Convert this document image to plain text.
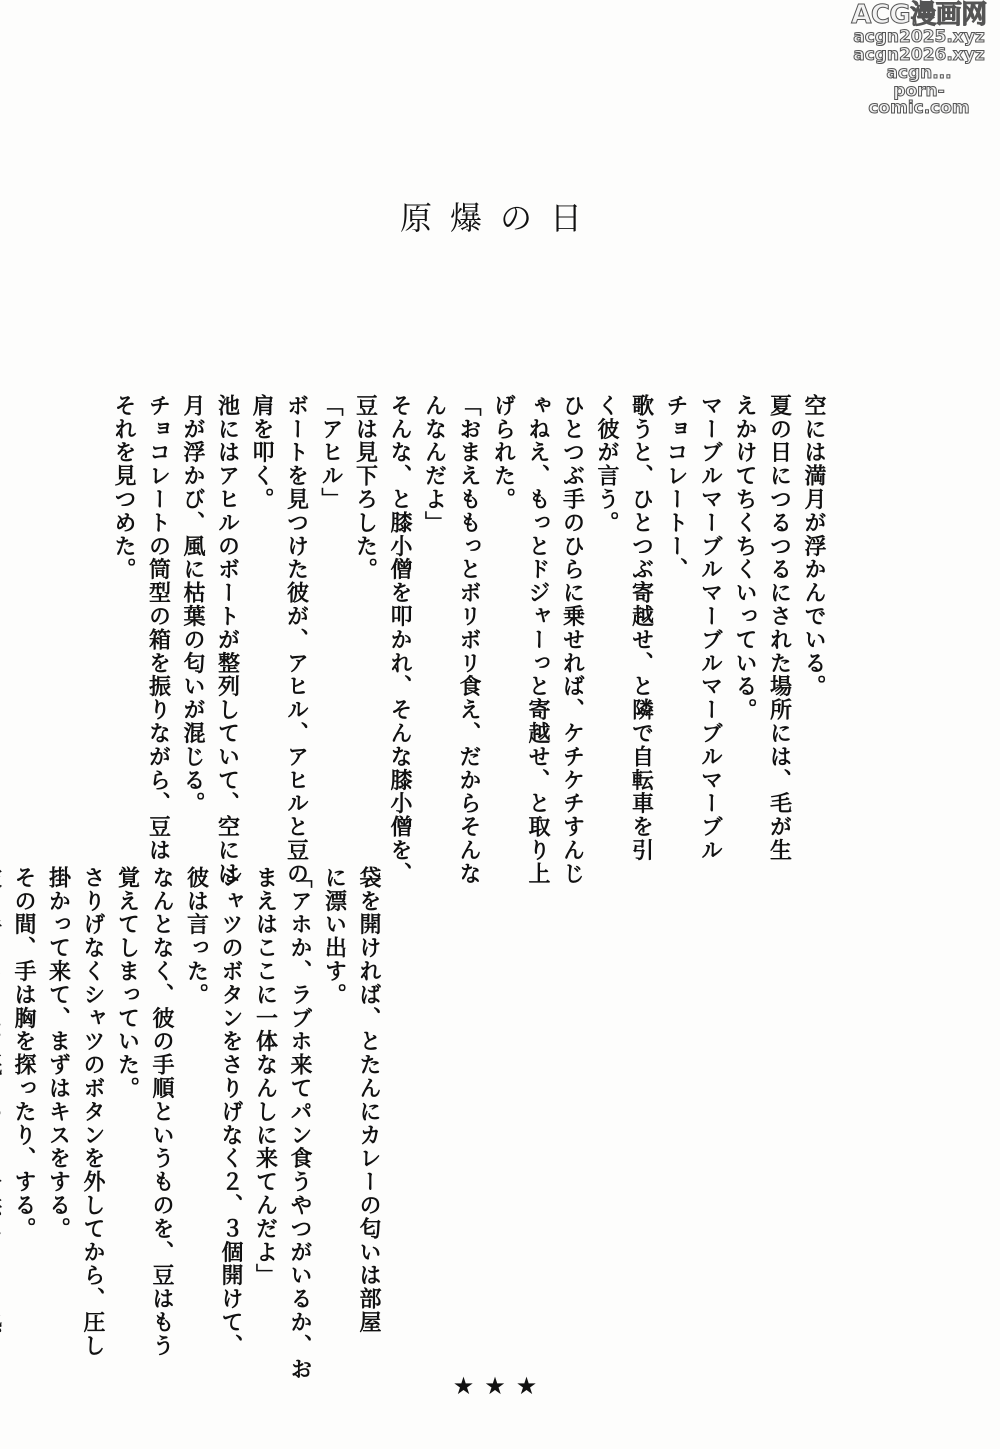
ACG漫画网
acgn2025.xyz
acgn2026.xyz
acgn...
porn-comic.com
原爆の日
空には満月が浮かんでいる。
夏の日につるつるにされた場所には、毛が生
えかけてちくちくいっている。
マーブルマーブルマーブルマーブルマーブル
チョコレートー、
歌うと、ひとつぶ寄越せ、と隣で自転車を引
く彼が言う。
ひとつぶ手のひらに乗せれば、ケチケチすんじ
ゃねえ、もっとドジャーっと寄越せ、と取り上
げられた。
「おまえももっとボリボリ食え、だからそんな
んなんだよ」
そんな、と膝小僧を叩かれ、そんな膝小僧を、
豆は見下ろした。
「アヒル」
ボートを見つけた彼が、アヒル、アヒルと豆の
肩を叩く。
池にはアヒルのボートが整列していて、空には
月が浮かび、風に枯葉の匂いが混じる。
チョコレートの筒型の箱を振りながら、豆は
それを見つめた。
袋を開ければ、とたんにカレーの匂いは部屋
に漂い出す。
「アホか、ラブホ来てパン食うやつがいるか、お
まえはここに一体なんしに来てんだよ」
シャツのボタンをさりげなく２、３個開けて、
彼は言った。
なんとなく、彼の手順というものを、豆はもう
覚えてしまっていた。
さりげなくシャツのボタンを外してから、圧し
掛かって来て、まずはキスをする。
その間、手は胸を探ったり、する。
★★★
